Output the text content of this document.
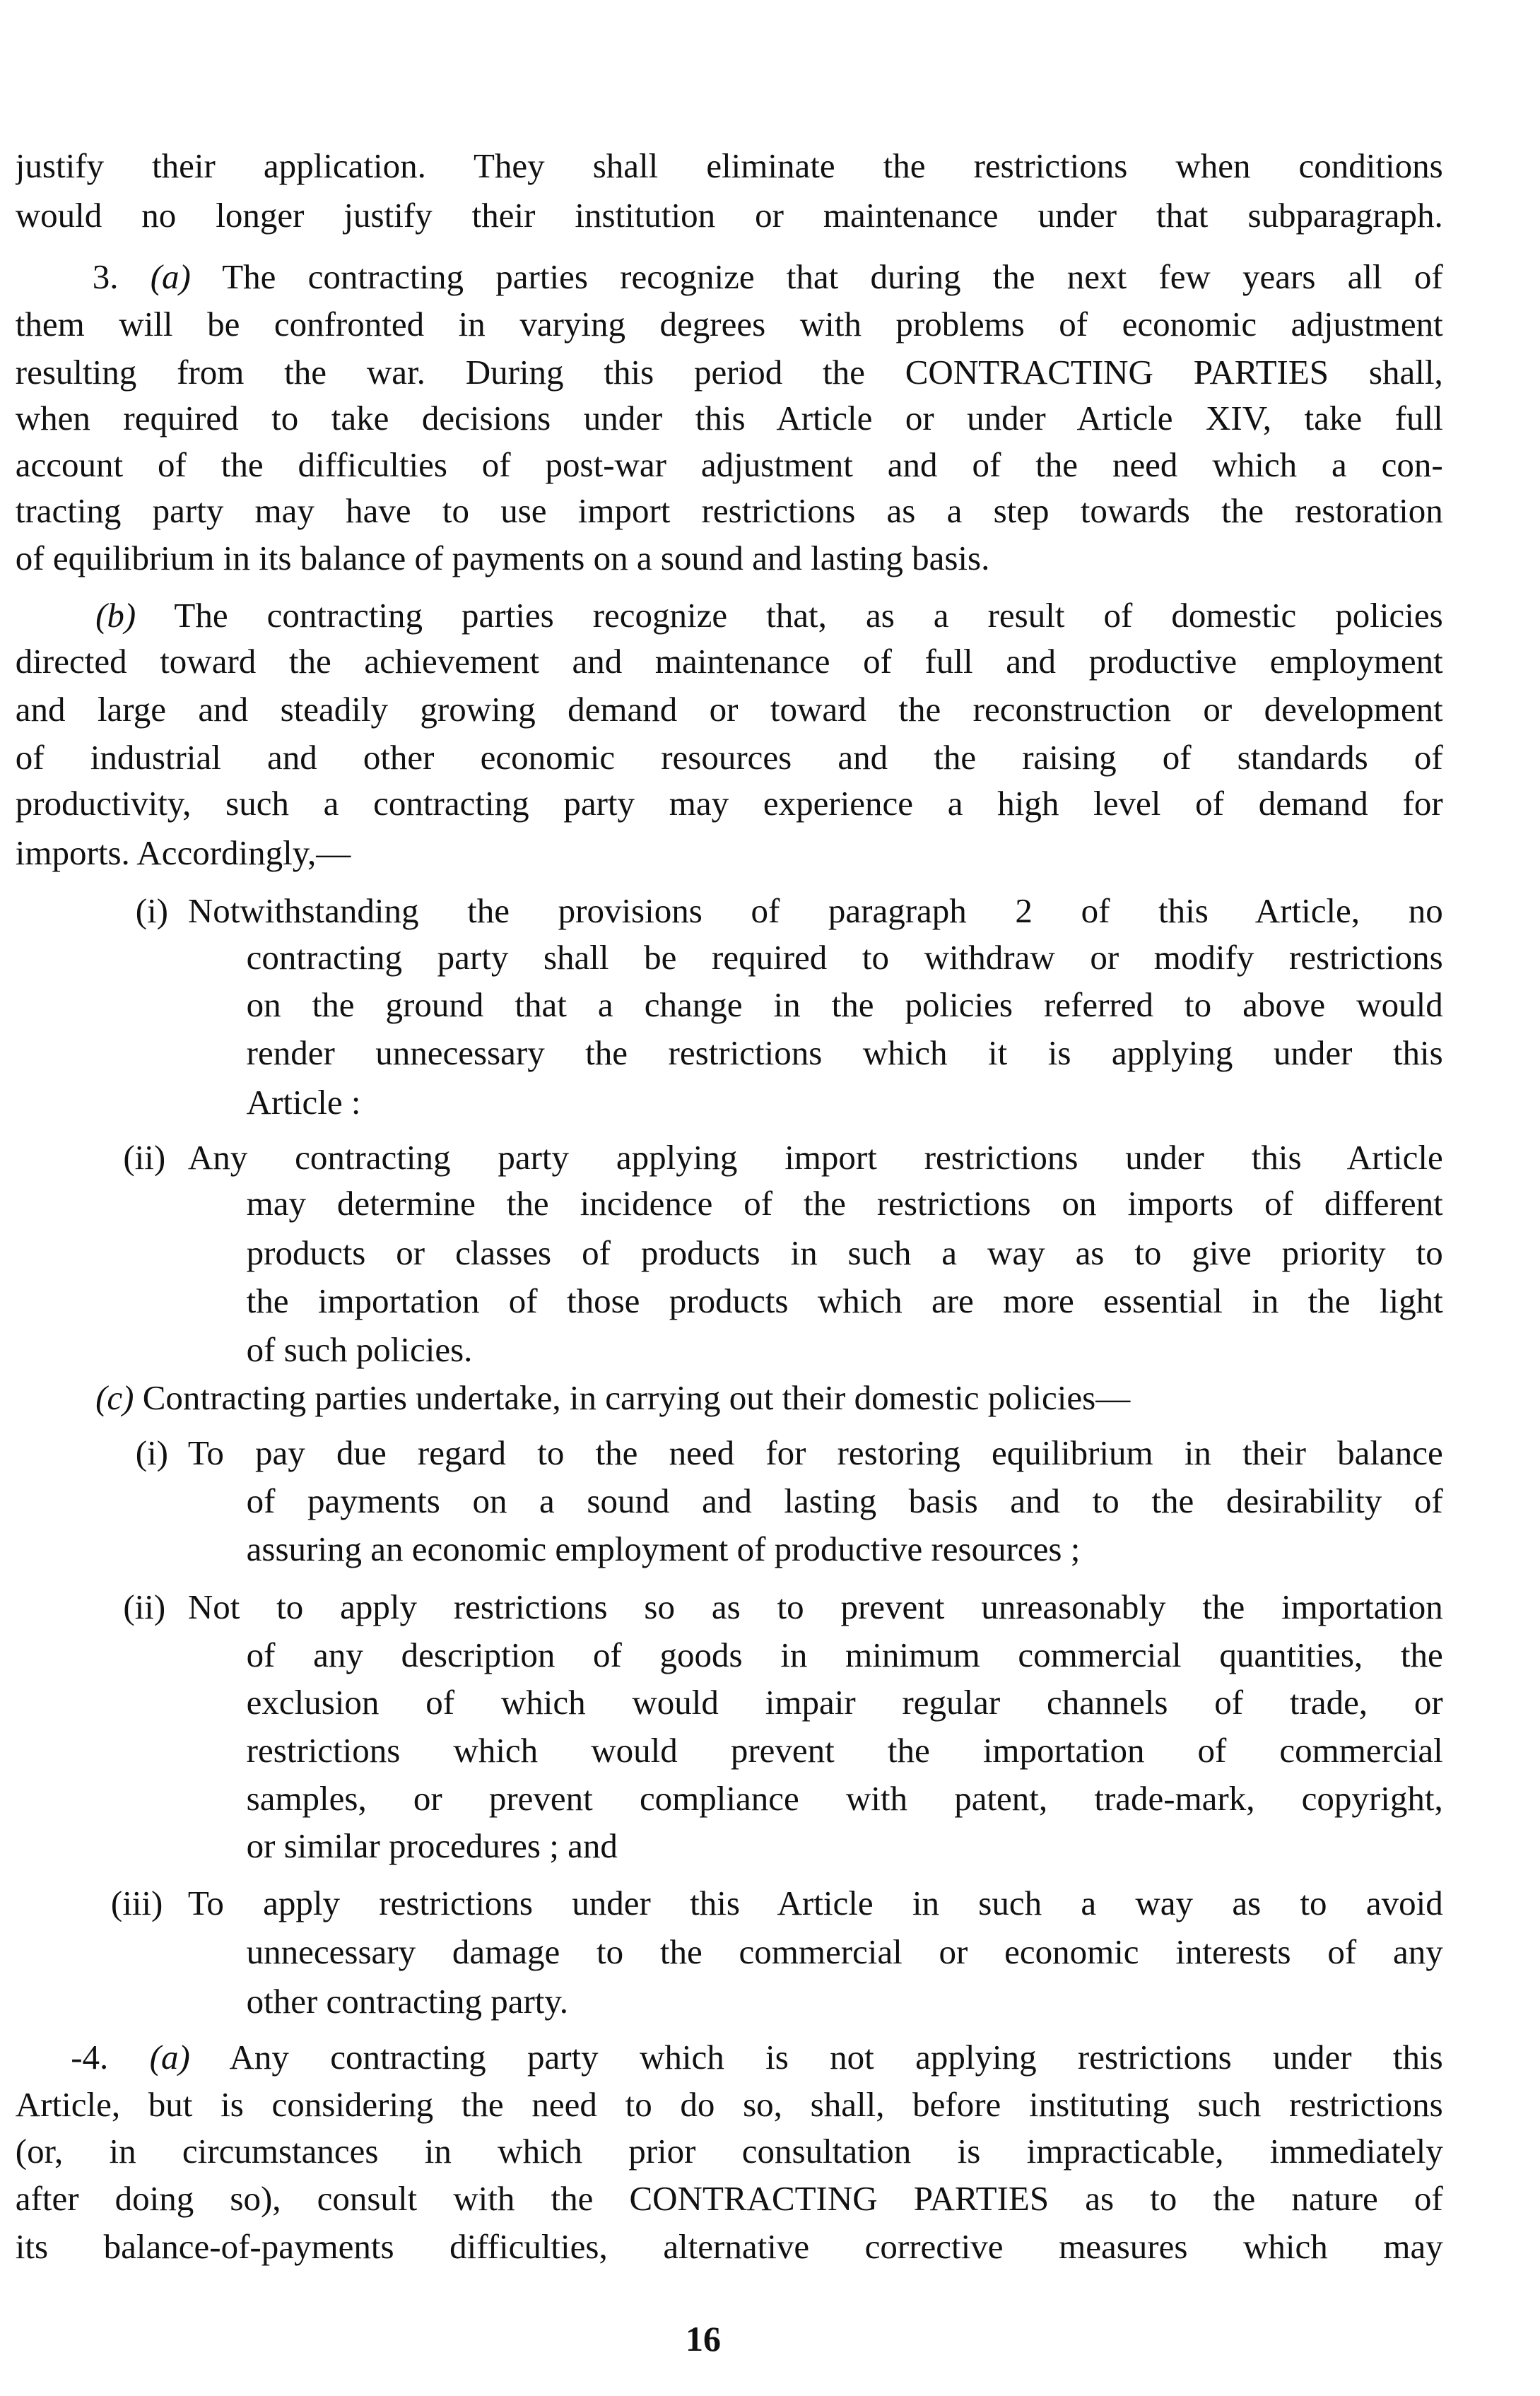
justify their application. They shall eliminate the restrictions when conditions
would no longer justify their institution or maintenance under that subparagraph.
3. (a) The contracting parties recognize that during the next few years all of
them will be confronted in varying degrees with problems of economic adjustment
resulting from the war. During this period the CONTRACTING PARTIES shall,
when required to take decisions under this Article or under Article XIV, take full
account of the difficulties of post-war adjustment and of the need which a con-
tracting party may have to use import restrictions as a step towards the restoration
of equilibrium in its balance of payments on a sound and lasting basis.
(b) The contracting parties recognize that, as a result of domestic policies
directed toward the achievement and maintenance of full and productive employment
and large and steadily growing demand or toward the reconstruction or development
of industrial and other economic resources and the raising of standards of
productivity, such a contracting party may experience a high level of demand for
imports. Accordingly,—
(i) Notwithstanding the provisions of paragraph 2 of this Article, no
contracting party shall be required to withdraw or modify restrictions
on the ground that a change in the policies referred to above would
render unnecessary the restrictions which it is applying under this
Article :
(ii) Any contracting party applying import restrictions under this Article
may determine the incidence of the restrictions on imports of different
products or classes of products in such a way as to give priority to
the importation of those products which are more essential in the light
of such policies.
(c) Contracting parties undertake, in carrying out their domestic policies—
(i) To pay due regard to the need for restoring equilibrium in their balance
of payments on a sound and lasting basis and to the desirability of
assuring an economic employment of productive resources ;
(ii) Not to apply restrictions so as to prevent unreasonably the importation
of any description of goods in minimum commercial quantities, the
exclusion of which would impair regular channels of trade, or
restrictions which would prevent the importation of commercial
samples, or prevent compliance with patent, trade-mark, copyright,
or similar procedures ; and
(iii) To apply restrictions under this Article in such a way as to avoid
unnecessary damage to the commercial or economic interests of any
other contracting party.
-4. (a) Any contracting party which is not applying restrictions under this
Article, but is considering the need to do so, shall, before instituting such restrictions
(or, in circumstances in which prior consultation is impracticable, immediately
after doing so), consult with the CONTRACTING PARTIES as to the nature of
its balance-of-payments difficulties, alternative corrective measures which may
16
